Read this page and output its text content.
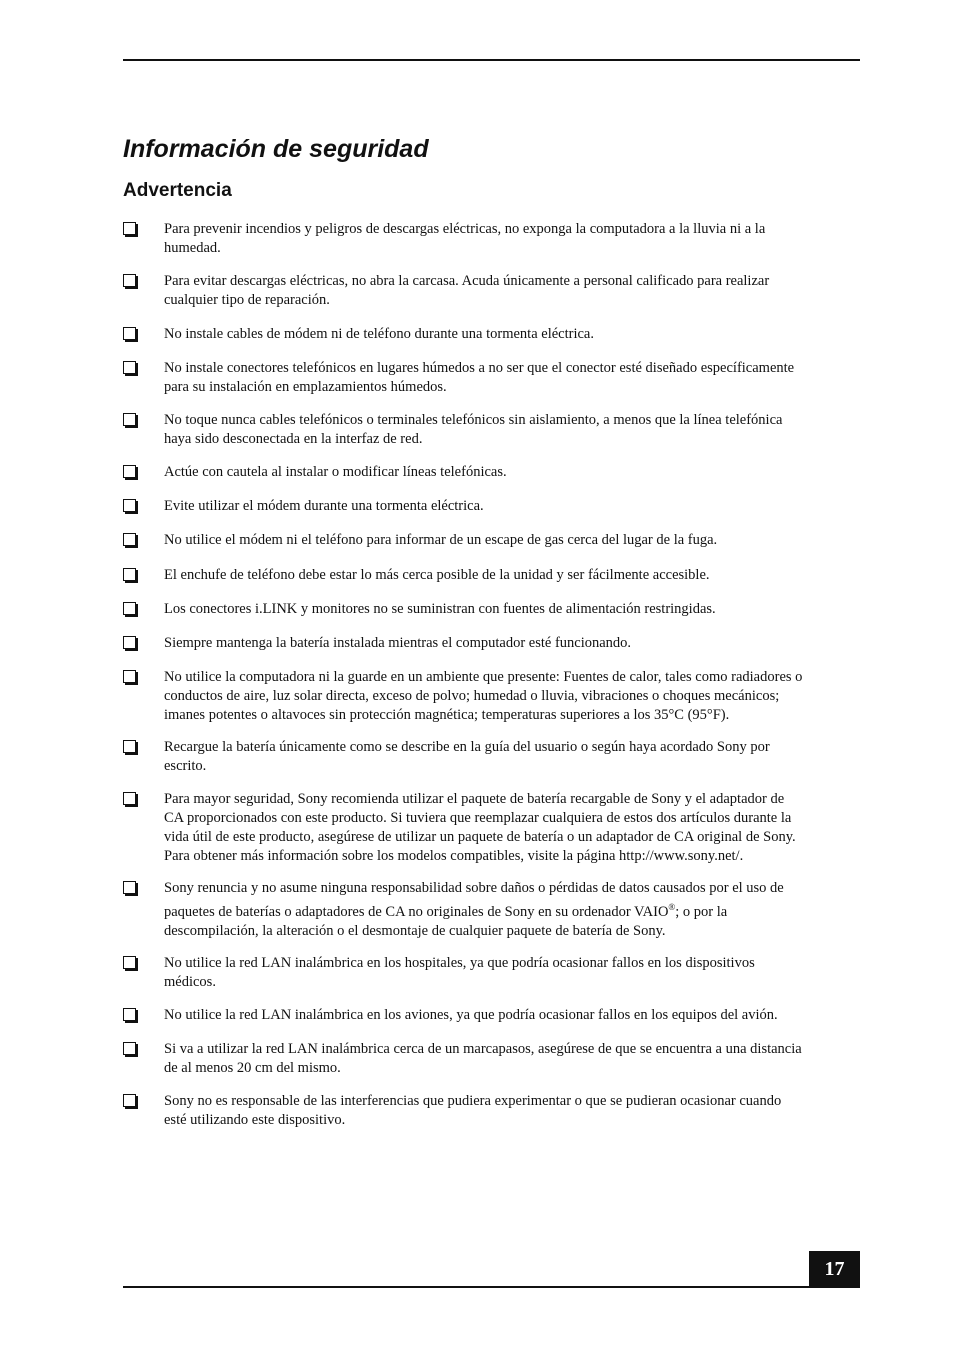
Información de seguridad
Advertencia
Para prevenir incendios y peligros de descargas eléctricas, no exponga la computadora a la lluvia ni a la
humedad.
Para evitar descargas eléctricas, no abra la carcasa. Acuda únicamente a personal calificado para realizar
cualquier tipo de reparación.
No instale cables de módem ni de teléfono durante una tormenta eléctrica.
No instale conectores telefónicos en lugares húmedos a no ser que el conector esté diseñado específicamente
para su instalación en emplazamientos húmedos.
No toque nunca cables telefónicos o terminales telefónicos sin aislamiento, a menos que la línea telefónica
haya sido desconectada en la interfaz de red.
Actúe con cautela al instalar o modificar líneas telefónicas.
Evite utilizar el módem durante una tormenta eléctrica.
No utilice el módem ni el teléfono para informar de un escape de gas cerca del lugar de la fuga.
El enchufe de teléfono debe estar lo más cerca posible de la unidad y ser fácilmente accesible.
Los conectores i.LINK y monitores no se suministran con fuentes de alimentación restringidas.
Siempre mantenga la batería instalada mientras el computador esté funcionando.
No utilice la computadora ni la guarde en un ambiente que presente: Fuentes de calor, tales como radiadores o
conductos de aire, luz solar directa, exceso de polvo; humedad o lluvia, vibraciones o choques mecánicos;
imanes potentes o altavoces sin protección magnética; temperaturas superiores a los 35°C (95°F).
Recargue la batería únicamente como se describe en la guía del usuario o según haya acordado Sony por
escrito.
Para mayor seguridad, Sony recomienda utilizar el paquete de batería recargable de Sony y el adaptador de
CA proporcionados con este producto. Si tuviera que reemplazar cualquiera de estos dos artículos durante la
vida útil de este producto, asegúrese de utilizar un paquete de batería o un adaptador de CA original de Sony.
Para obtener más información sobre los modelos compatibles, visite la página http://www.sony.net/.
Sony renuncia y no asume ninguna responsabilidad sobre daños o pérdidas de datos causados por el uso de
paquetes de baterías o adaptadores de CA no originales de Sony en su ordenador VAIO®; o por la
descompilación, la alteración o el desmontaje de cualquier paquete de batería de Sony.
No utilice la red LAN inalámbrica en los hospitales, ya que podría ocasionar fallos en los dispositivos
médicos.
No utilice la red LAN inalámbrica en los aviones, ya que podría ocasionar fallos en los equipos del avión.
Si va a utilizar la red LAN inalámbrica cerca de un marcapasos, asegúrese de que se encuentra a una distancia
de al menos 20 cm del mismo.
Sony no es responsable de las interferencias que pudiera experimentar o que se pudieran ocasionar cuando
esté utilizando este dispositivo.
17
